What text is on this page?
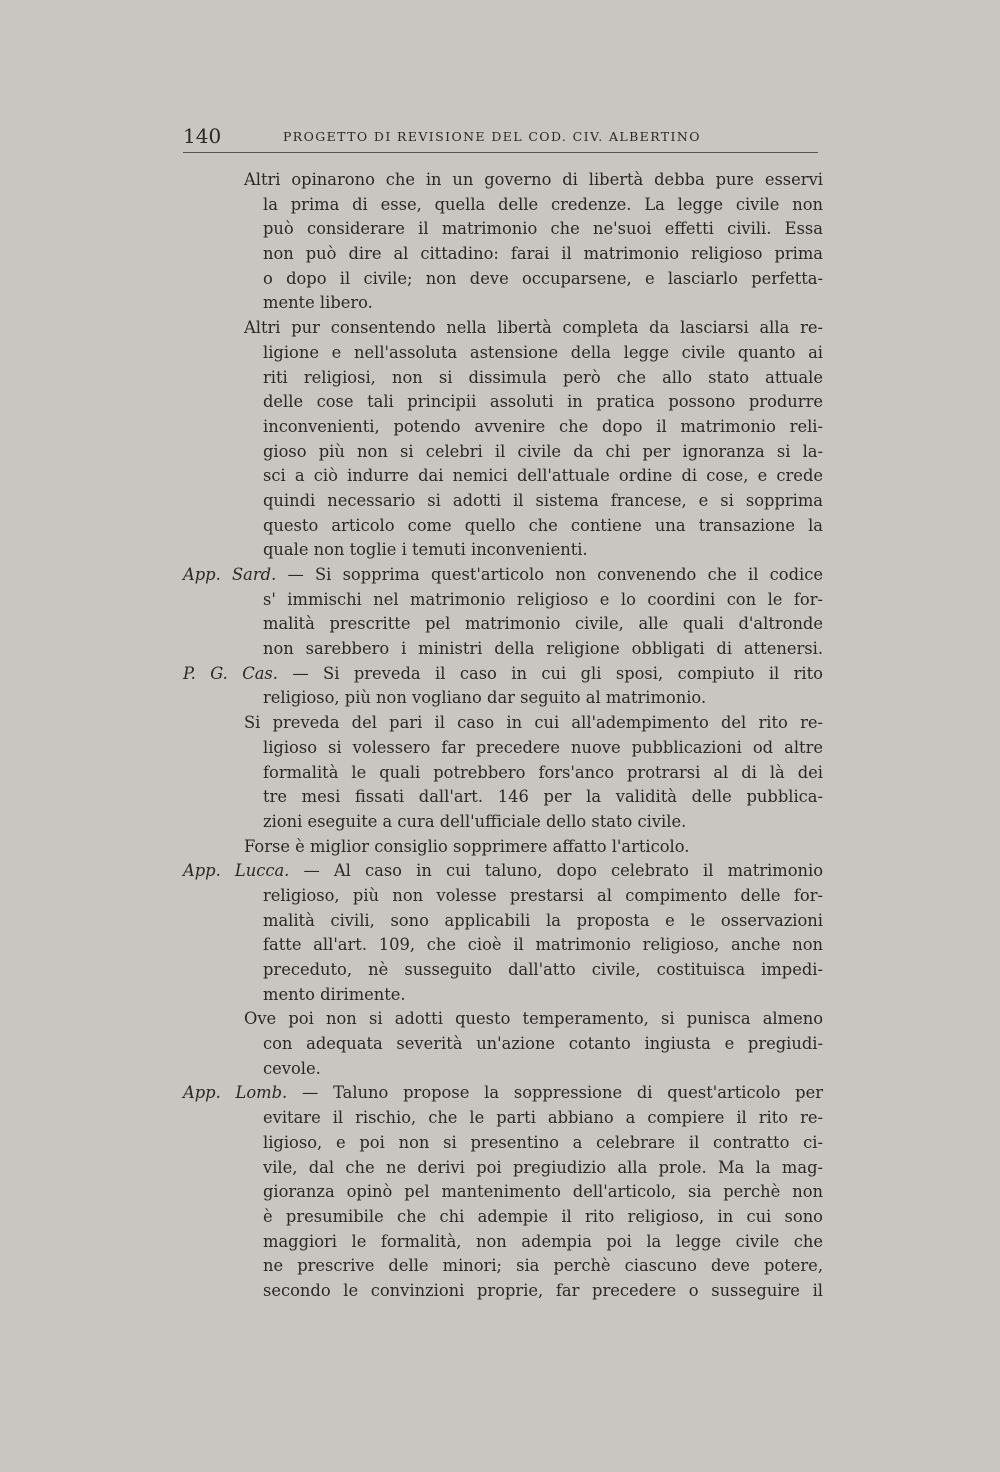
140	PROGETTO DI REVISIONE DEL COD. CIV. ALBERTINO
Altri opinarono che in un governo di libertà debba pure esservi
la prima di esse, quella delle credenze. La legge civile non
può considerare il matrimonio che ne'suoi effetti civili. Essa
non può dire al cittadino: farai il matrimonio religioso prima
o dopo il civile; non deve occuparsene, e lasciarlo perfetta-
mente libero.
Altri pur consentendo nella libertà completa da lasciarsi alla re-
ligione e nell'assoluta astensione della legge civile quanto ai
riti religiosi, non si dissimula però che allo stato attuale
delle cose tali principii assoluti in pratica possono produrre
inconvenienti, potendo avvenire che dopo il matrimonio reli-
gioso più non si celebri il civile da chi per ignoranza si la-
sci a ciò indurre dai nemici dell'attuale ordine di cose, e crede
quindi necessario si adotti il sistema francese, e si sopprima
questo articolo come quello che contiene una transazione la
quale non toglie i temuti inconvenienti.
App. Sard. — Si sopprima quest'articolo non convenendo che il codice
s' immischi nel matrimonio religioso e lo coordini con le for-
malità prescritte pel matrimonio civile, alle quali d'altronde
non sarebbero i ministri della religione obbligati di attenersi.
P. G. Cas. — Si preveda il caso in cui gli sposi, compiuto il rito
religioso, più non vogliano dar seguito al matrimonio.
Si preveda del pari il caso in cui all'adempimento del rito re-
ligioso si volessero far precedere nuove pubblicazioni od altre
formalità le quali potrebbero fors'anco protrarsi al di là dei
tre mesi fissati dall'art. 146 per la validità delle pubblica-
zioni eseguite a cura dell'ufficiale dello stato civile.
Forse è miglior consiglio sopprimere affatto l'articolo.
App. Lucca. — Al caso in cui taluno, dopo celebrato il matrimonio
religioso, più non volesse prestarsi al compimento delle for-
malità civili, sono applicabili la proposta e le osservazioni
fatte all'art. 109, che cioè il matrimonio religioso, anche non
preceduto, nè susseguito dall'atto civile, costituisca impedi-
mento dirimente.
Ove poi non si adotti questo temperamento, si punisca almeno
con adequata severità un'azione cotanto ingiusta e pregiudi-
cevole.
App. Lomb. — Taluno propose la soppressione di quest'articolo per
evitare il rischio, che le parti abbiano a compiere il rito re-
ligioso, e poi non si presentino a celebrare il contratto ci-
vile, dal che ne derivi poi pregiudizio alla prole. Ma la mag-
gioranza opinò pel mantenimento dell'articolo, sia perchè non
è presumibile che chi adempie il rito religioso, in cui sono
maggiori le formalità, non adempia poi la legge civile che
ne prescrive delle minori; sia perchè ciascuno deve potere,
secondo le convinzioni proprie, far precedere o susseguire il
